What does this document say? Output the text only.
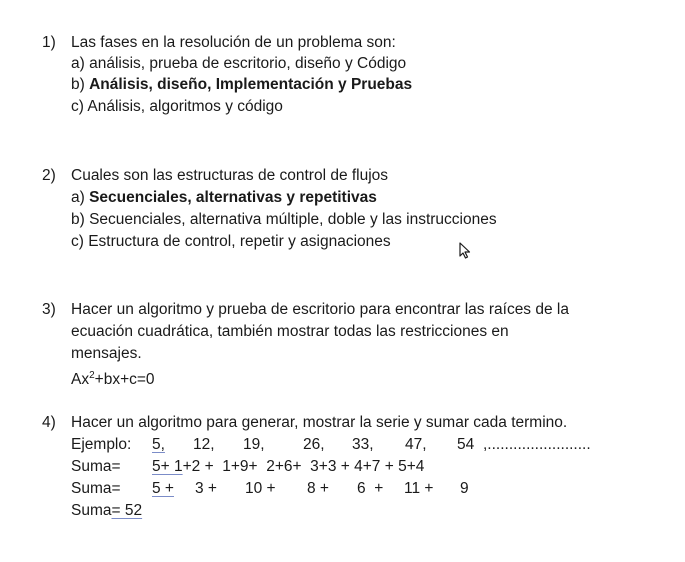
1) Las fases en la resolución de un problema son:
a) análisis, prueba de escritorio, diseño y Código
b) Análisis, diseño, Implementación y Pruebas
c) Análisis, algoritmos y código
2) Cuales son las estructuras de control de flujos
a) Secuenciales, alternativas y repetitivas
b) Secuenciales, alternativa múltiple, doble y las instrucciones
c) Estructura de control, repetir y asignaciones
3) Hacer un algoritmo y prueba de escritorio para encontrar las raíces de la
ecuación cuadrática, también mostrar todas las restricciones en
mensajes.
$Ax^2+bx+c=0$
4) Hacer un algoritmo para generar, mostrar la serie y sumar cada termino.
Ejemplo: 5, 12, 19, 26, 33, 47, 54 ,........................
Suma= 5+ 1+2 +  1+9+  2+6+  3+3 + 4+7 + 5+4
Suma= 5 + 3 + 10 + 8 + 6  + 11 + 9
Suma= 52
